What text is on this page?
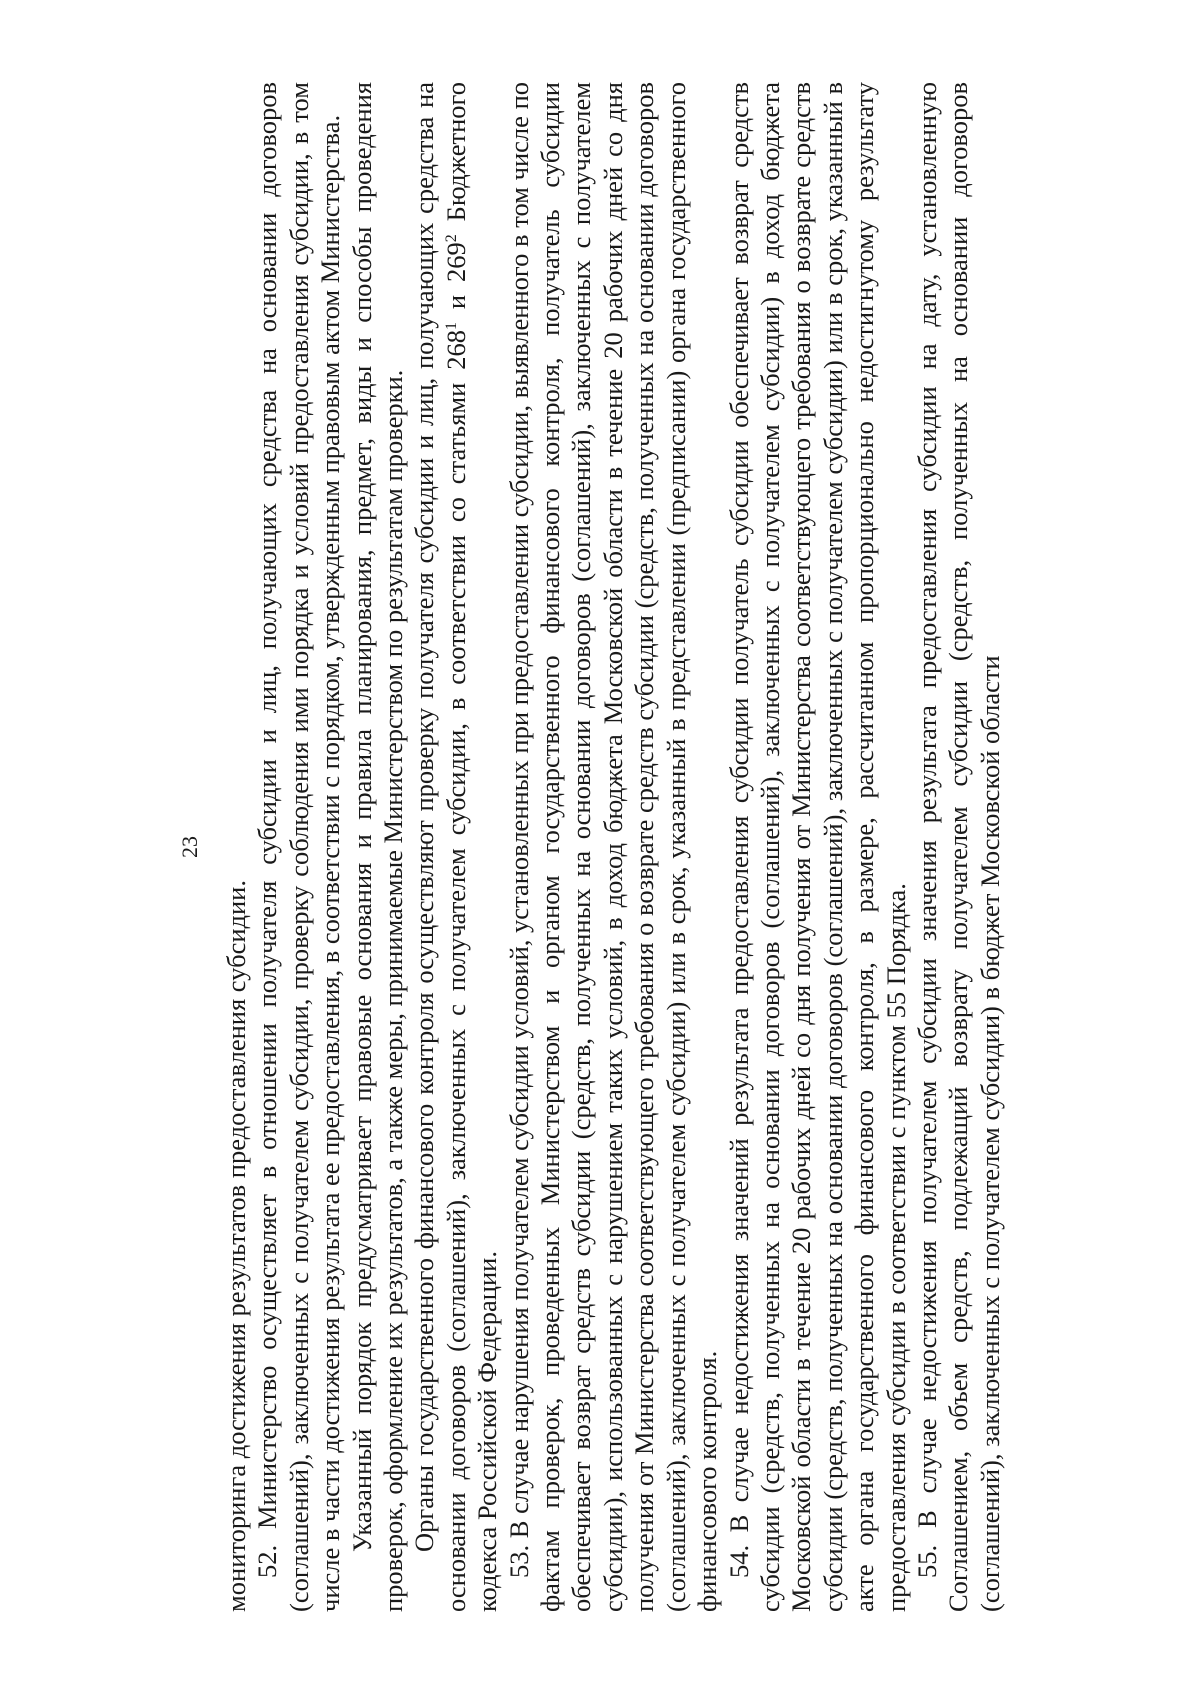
23

мониторинга достижения результатов предоставления субсидии. 52. Министерство осуществляет в отношении получателя субсидии и лиц, получающих средства на основании договоров (соглашений), заключенных с получателем субсидии, проверку соблюдения ими порядка и условий предоставления субсидии, в том числе в части достижения результата ее предоставления, в соответствии с порядком, утвержденным правовым актом Министерства. Указанный порядок предусматривает правовые основания и правила планирования, предмет, виды и способы проведения проверок, оформление их результатов, а также меры, принимаемые Министерством по результатам проверки. Органы государственного финансового контроля осуществляют проверку получателя субсидии и лиц, получающих средства на основании договоров (соглашений), заключенных с получателем субсидии, в соответствии со статьями $268^1$ и $269^2$ Бюджетного кодекса Российской Федерации. 53. В случае нарушения получателем субсидии условий, установленных при предоставлении субсидии, выявленного в том числе по фактам проверок, проведенных Министерством и органом государственного финансового контроля, получатель субсидии обеспечивает возврат средств субсидии (средств, полученных на основании договоров (соглашений), заключенных с получателем субсидии), использованных с нарушением таких условий, в доход бюджета Московской области в течение 20 рабочих дней со дня получения от Министерства соответствующего требования о возврате средств субсидии (средств, полученных на основании договоров (соглашений), заключенных с получателем субсидии) или в срок, указанный в представлении (предписании) органа государственного финансового контроля. 54. В случае недостижения значений результата предоставления субсидии получатель субсидии обеспечивает возврат средств субсидии (средств, полученных на основании договоров (соглашений), заключенных с получателем субсидии) в доход бюджета Московской области в течение 20 рабочих дней со дня получения от Министерства соответствующего требования о возврате средств субсидии (средств, полученных на основании договоров (соглашений), заключенных с получателем субсидии) или в срок, указанный в акте органа государственного финансового контроля, в размере, рассчитанном пропорционально недостигнутому результату предоставления субсидии в соответствии с пунктом 55 Порядка. 55. В случае недостижения получателем субсидии значения результата предоставления субсидии на дату, установленную Соглашением, объем средств, подлежащий возврату получателем субсидии (средств, полученных на основании договоров (соглашений), заключенных с получателем субсидии) в бюджет Московской области
